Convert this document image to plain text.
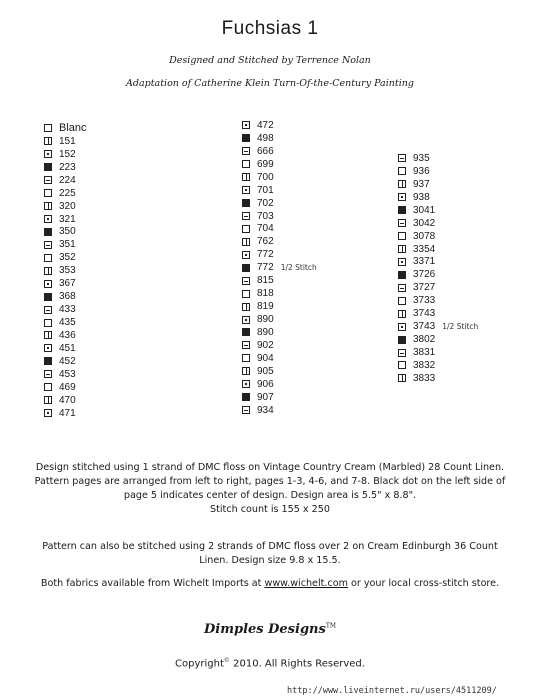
Fuchsias 1
Designed and Stitched by Terrence Nolan
Adaptation of Catherine Klein Turn-Of-the-Century Painting
Blanc
151
152
223
224
225
320
321
350
351
352
353
367
368
433
435
436
451
452
453
469
470
471
472
498
666
699
700
701
702
703
704
762
772
772 1/2 Stitch
815
818
819
890
890
902
904
905
906
907
934
935
936
937
938
3041
3042
3078
3354
3371
3726
3727
3733
3743
3743 1/2 Stitch
3802
3831
3832
3833
Design stitched using 1 strand of DMC floss on Vintage Country Cream (Marbled) 28 Count Linen. Pattern pages are arranged from left to right, pages 1-3, 4-6, and 7-8. Black dot on the left side of page 5 indicates center of design. Design area is 5.5" x 8.8".
Stitch count is 155 x 250
Pattern can also be stitched using 2 strands of DMC floss over 2 on Cream Edinburgh 36 Count Linen. Design size 9.8 x 15.5.
Both fabrics available from Wichelt Imports at www.wichelt.com or your local cross-stitch store.
Dimples Designs™
Copyright© 2010. All Rights Reserved.
http://www.liveinternet.ru/users/4511209/
